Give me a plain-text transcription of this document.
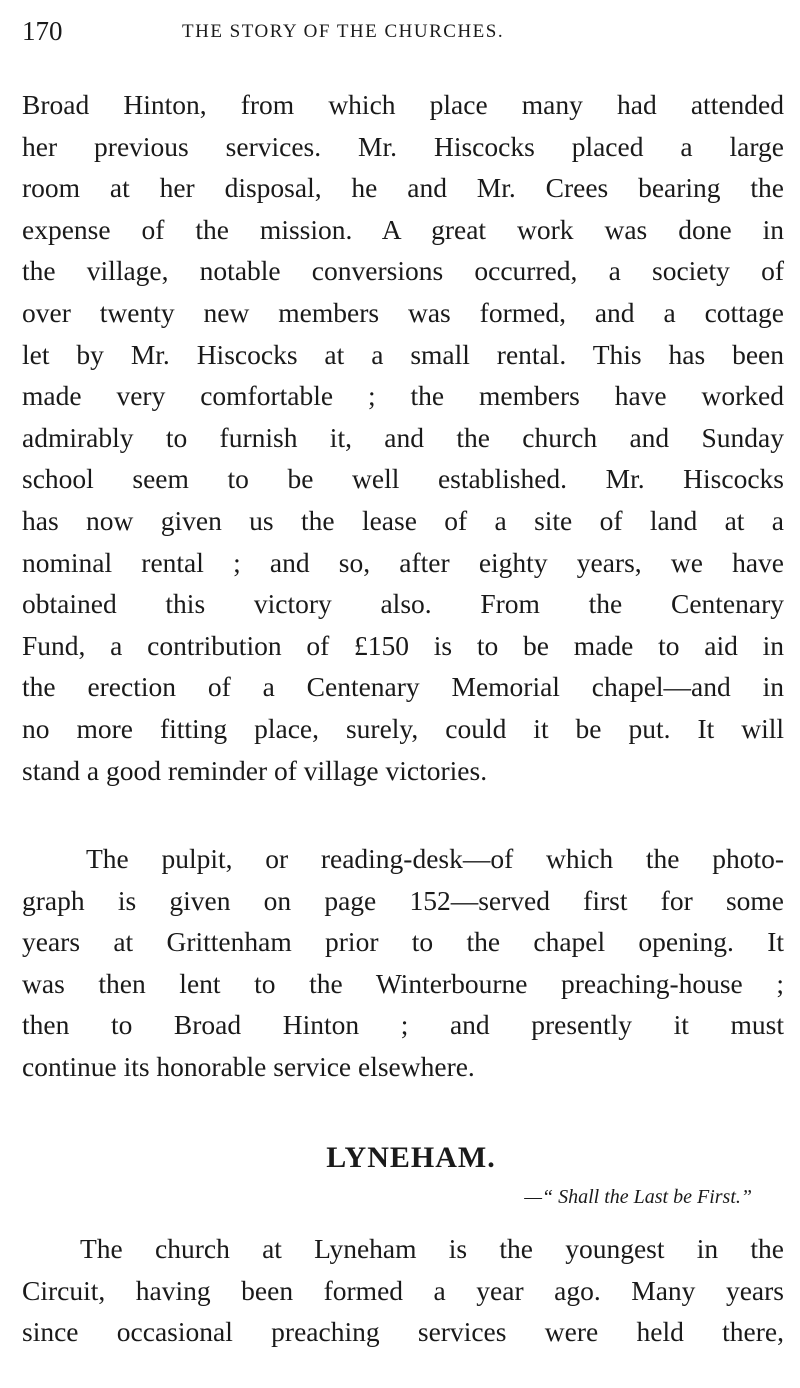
170	THE STORY OF THE CHURCHES.
Broad Hinton, from which place many had attended
her previous services. Mr. Hiscocks placed a large
room at her disposal, he and Mr. Crees bearing the
expense of the mission. A great work was done in
the village, notable conversions occurred, a society of
over twenty new members was formed, and a cottage
let by Mr. Hiscocks at a small rental. This has been
made very comfortable ; the members have worked
admirably to furnish it, and the church and Sunday
school seem to be well established. Mr. Hiscocks
has now given us the lease of a site of land at a
nominal rental ; and so, after eighty years, we have
obtained this victory also. From the Centenary
Fund, a contribution of £150 is to be made to aid in
the erection of a Centenary Memorial chapel—and in
no more fitting place, surely, could it be put. It will
stand a good reminder of village victories.
The pulpit, or reading-desk—of which the photo-
graph is given on page 152—served first for some
years at Grittenham prior to the chapel opening. It
was then lent to the Winterbourne preaching-house ;
then to Broad Hinton ; and presently it must
continue its honorable service elsewhere.
LYNEHAM.
—“ Shall the Last be First.”
The church at Lyneham is the youngest in the
Circuit, having been formed a year ago. Many years
since occasional preaching services were held there,
